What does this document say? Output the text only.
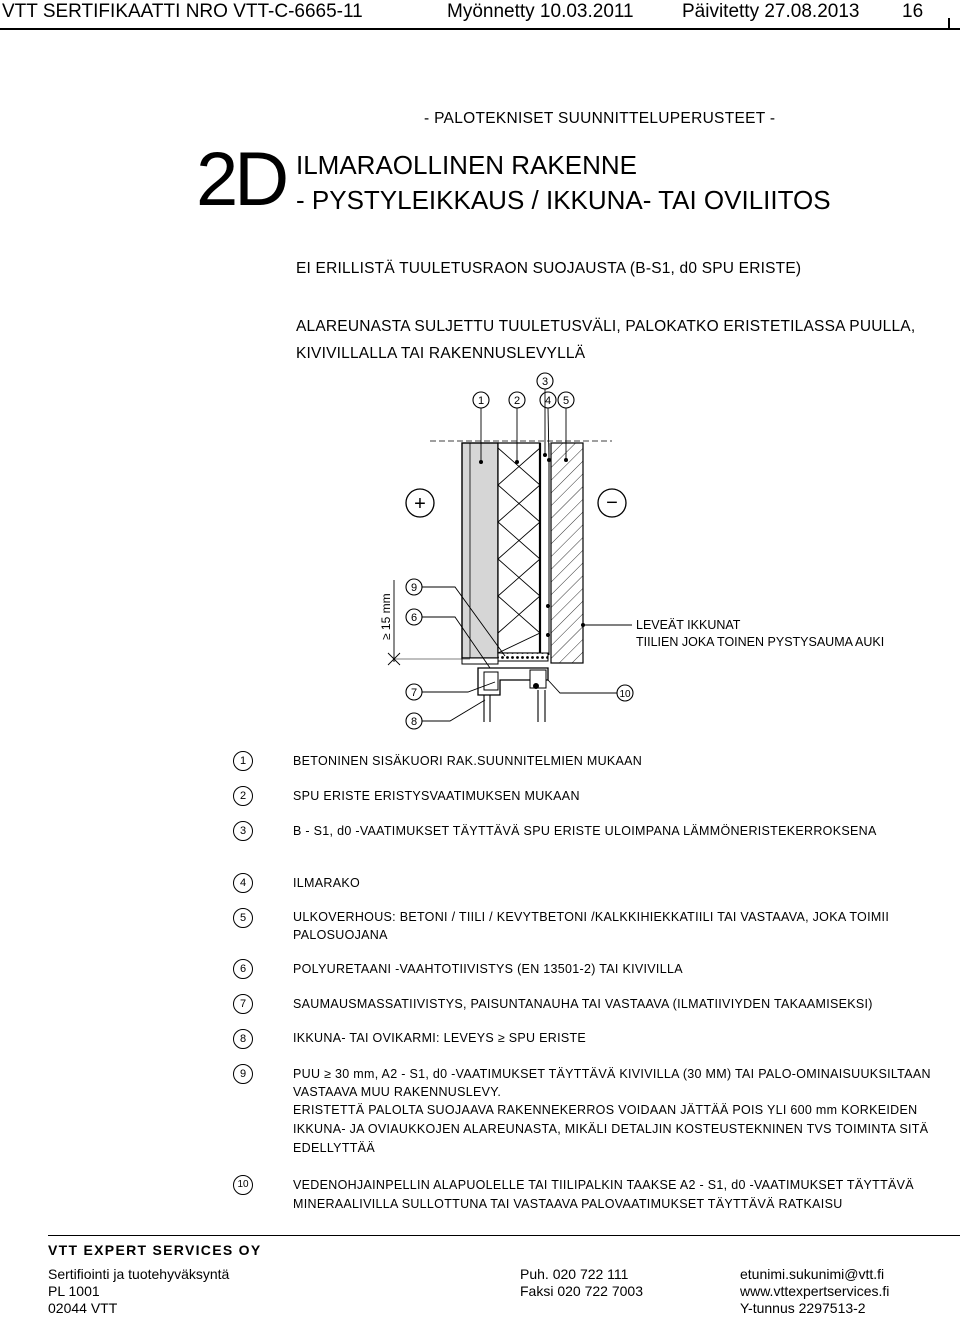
VTT SERTIFIKAATTI NRO VTT-C-6665-11	Myönnetty 10.03.2011	Päivitetty 27.08.2013 16
- PALOTEKNISET SUUNNITTELUPERUSTEET -
2D ILMARAOLLINEN RAKENNE
- PYSTYLEIKKAUS / IKKUNA- TAI OVILIITOS
EI ERILLISTÄ TUULETUSRAON SUOJAUSTA (B-S1, d0 SPU ERISTE)
ALAREUNASTA SULJETTU TUULETUSVÄLI, PALOKATKO ERISTETILASSA PUULLA,
KIVIVILLALLA TAI RAKENNUSLEVYLLÄ
≥ 15 mm
+	−
1	2
3
4 5
9
6
7
8
10
LEVEÄT IKKUNAT
TIILIEN JOKA TOINEN PYSTYSAUMA AUKI
1	BETONINEN SISÄKUORI RAK.SUUNNITELMIEN MUKAAN
2	SPU ERISTE ERISTYSVAATIMUKSEN MUKAAN
3	B - S1, d0 -VAATIMUKSET TÄYTTÄVÄ SPU ERISTE ULOIMPANA LÄMMÖNERISTEKERROKSENA
4	ILMARAKO
5	ULKOVERHOUS: BETONI / TIILI / KEVYTBETONI /KALKKIHIEKKATIILI TAI VASTAAVA, JOKA TOIMII
PALOSUOJANA
6	POLYURETAANI -VAAHTOTIIVISTYS (EN 13501-2) TAI KIVIVILLA
7	SAUMAUSMASSATIIVISTYS, PAISUNTANAUHA TAI VASTAAVA (ILMATIIVIYDEN TAKAAMISEKSI)
8	IKKUNA- TAI OVIKARMI: LEVEYS ≥ SPU ERISTE
9	PUU ≥ 30 mm, A2 - S1, d0 -VAATIMUKSET TÄYTTÄVÄ KIVIVILLA (30 MM) TAI PALO-OMINAISUUKSILTAAN
VASTAAVA MUU RAKENNUSLEVY.
ERISTETTÄ PALOLTA SUOJAAVA RAKENNEKERROS VOIDAAN JÄTTÄÄ POIS YLI 600 mm KORKEIDEN
IKKUNA- JA OVIAUKKOJEN ALAREUNASTA, MIKÄLI DETALJIN KOSTEUSTEKNINEN TVS TOIMINTA SITÄ
EDELLYTTÄÄ
10	VEDENOHJAINPELLIN ALAPUOLELLE TAI TIILIPALKIN TAAKSE A2 - S1, d0 -VAATIMUKSET TÄYTTÄVÄ
MINERAALIVILLA SULLOTTUNA TAI VASTAAVA PALOVAATIMUKSET TÄYTTÄVÄ RATKAISU
VTT EXPERT SERVICES OY
Sertifiointi ja tuotehyväksyntä
PL 1001
02044 VTT
Puh. 020 722 111
Faksi 020 722 7003
etunimi.sukunimi@vtt.fi
www.vttexpertservices.fi
Y-tunnus 2297513-2
